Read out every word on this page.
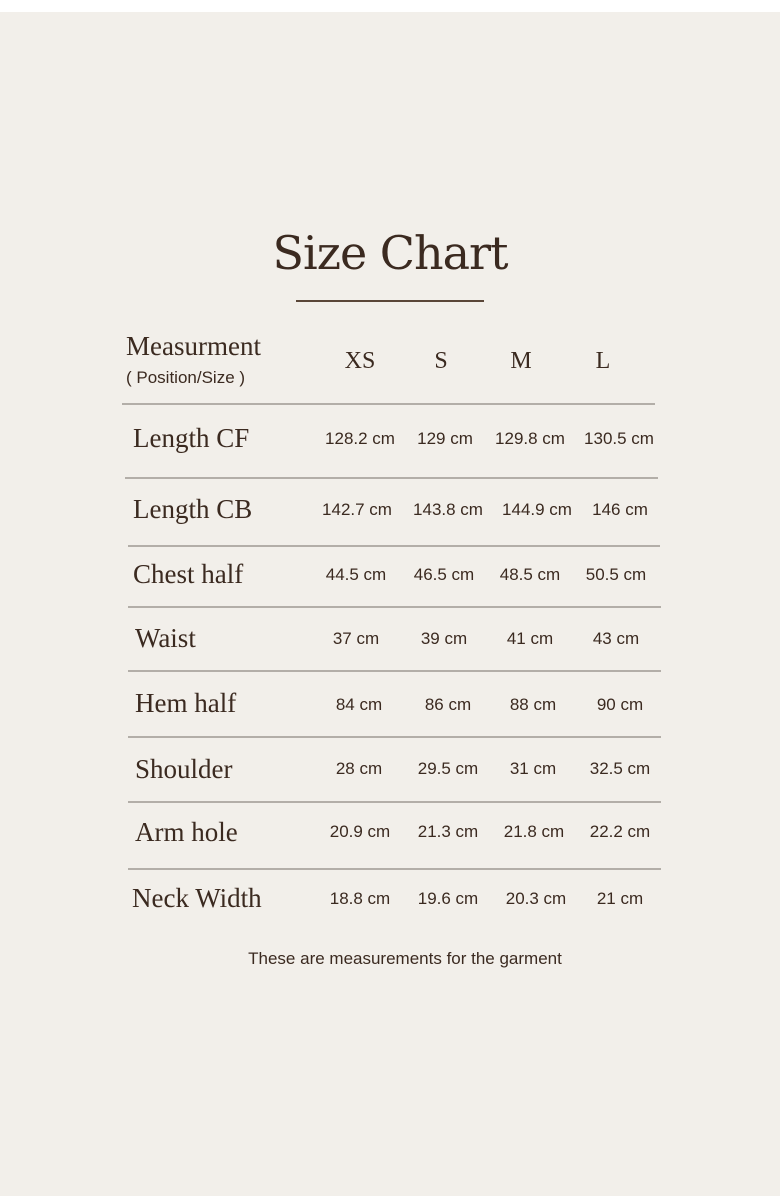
Size Chart
Measurment
( Position/Size )
XS	S	M	L
Length CF	128.2 cm	129 cm	129.8 cm	130.5 cm
Length CB	142.7 cm	143.8 cm	144.9 cm	146 cm
Chest half	44.5 cm	46.5 cm	48.5 cm	50.5 cm
Waist	37 cm	39 cm	41 cm	43 cm
Hem half	84 cm	86 cm	88 cm	90 cm
Shoulder	28 cm	29.5 cm	31 cm	32.5 cm
Arm hole	20.9 cm	21.3 cm	21.8 cm	22.2 cm
Neck Width	18.8 cm	19.6 cm	20.3 cm	21 cm
These are measurements for the garment
